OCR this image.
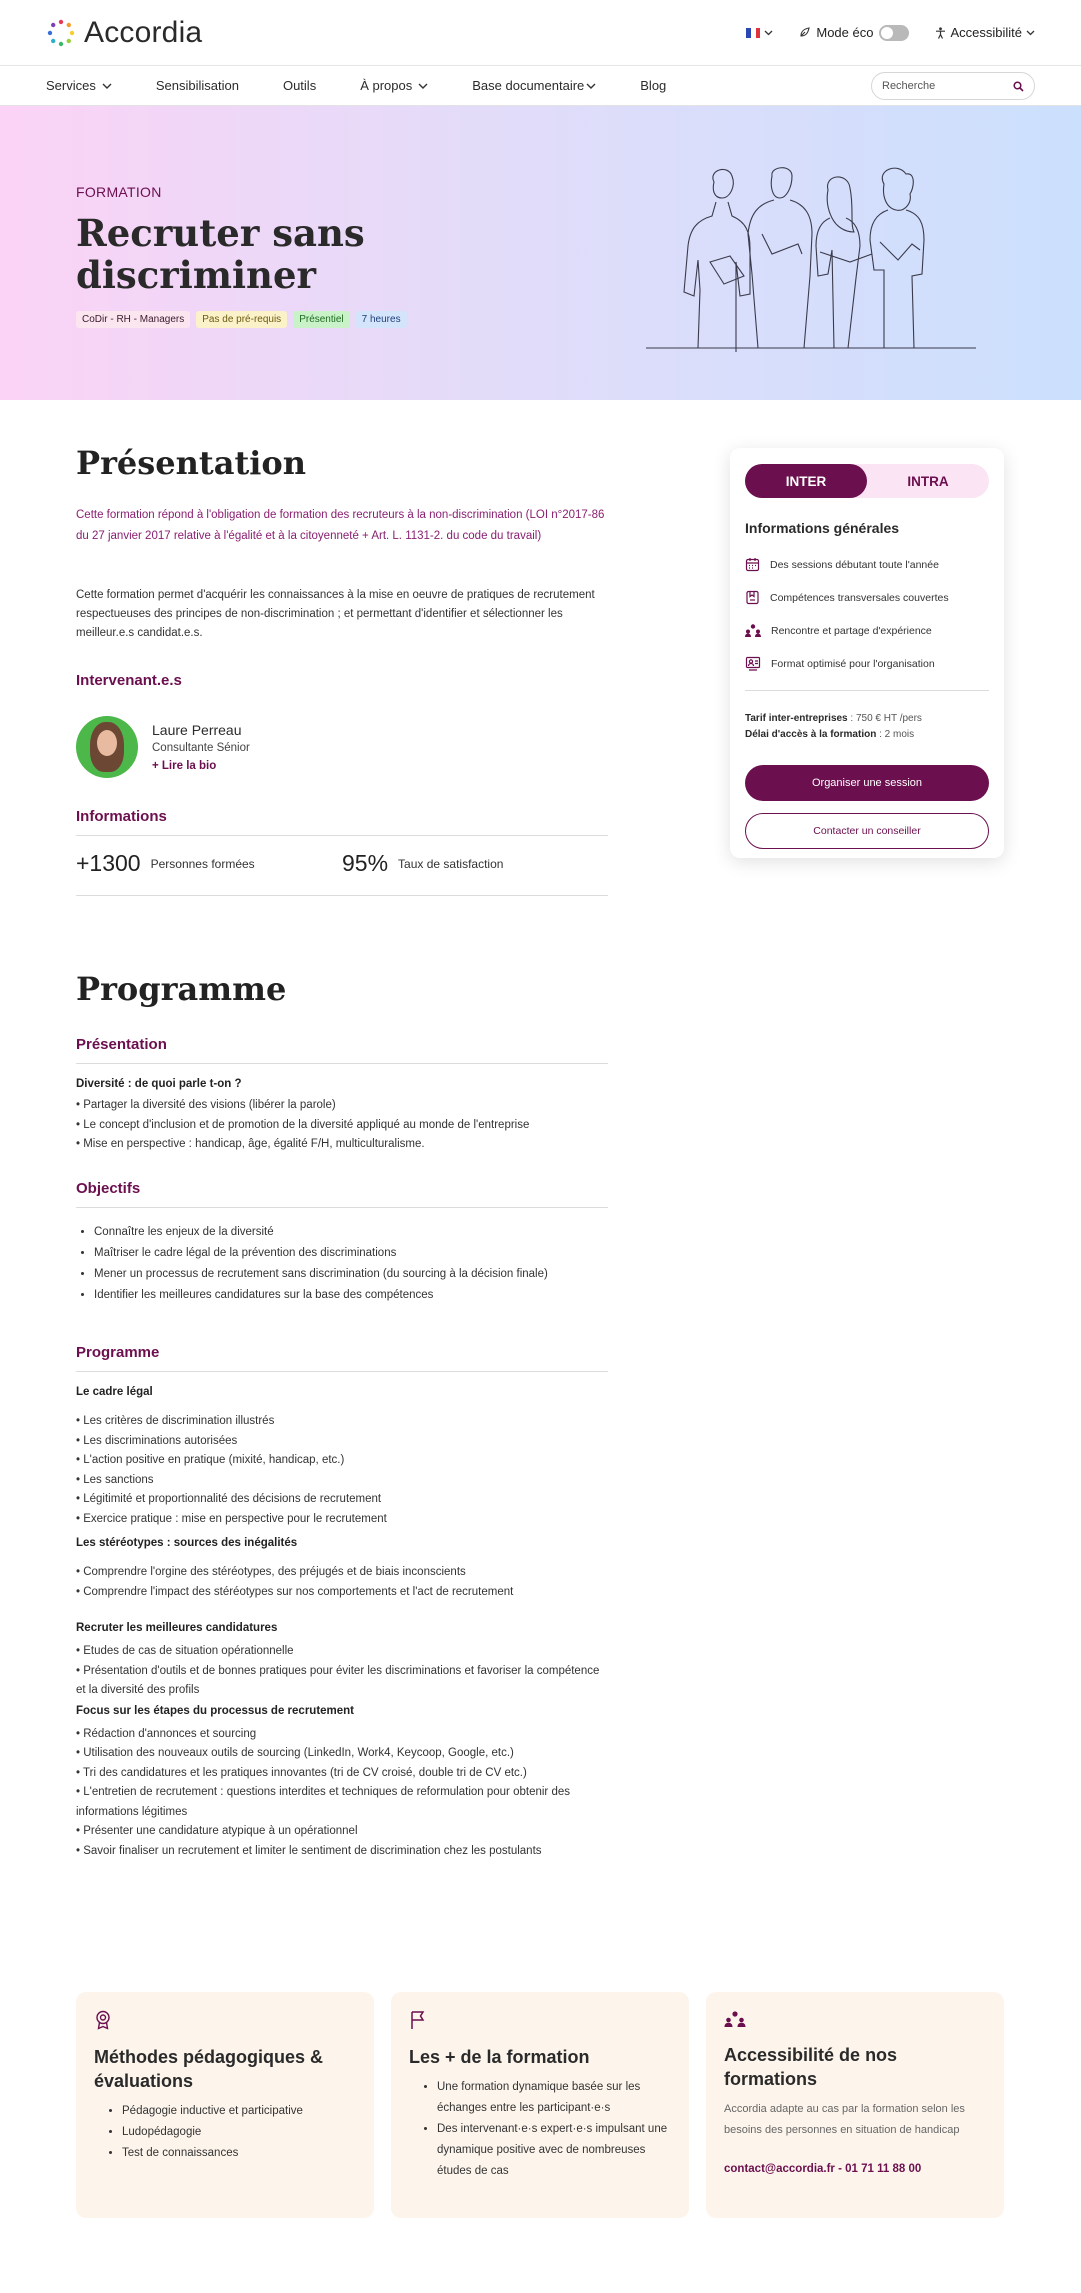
Accordia	Mode éco	Accessibilité
Services	Sensibilisation	Outils	À propos	Base documentaire	Blog
Recherche
FORMATION
Recruter sans discriminer
CoDir - RH - Managers	Pas de pré-requis	Présentiel	7 heures
Présentation

Cette formation répond à l'obligation de formation des recruteurs à la non-discrimination (LOI n°2017-86 du 27 janvier 2017 relative à l'égalité et à la citoyenneté + Art. L. 1131-2. du code du travail)

Cette formation permet d'acquérir les connaissances à la mise en oeuvre de pratiques de recrutement respectueuses des principes de non-discrimination ; et permettant d'identifier et sélectionner les meilleur.e.s candidat.e.s.

Intervenant.e.s
Laure Perreau
Consultante Sénior
+ Lire la bio
Informations
+1300 Personnes formées	95% Taux de satisfaction
INTER	INTRA
Informations générales
Des sessions débutant toute l'année
Compétences transversales couvertes
Rencontre et partage d'expérience
Format optimisé pour l'organisation
Tarif inter-entreprises : 750 € HT /pers
Délai d'accès à la formation : 2 mois
Organiser une session
Contacter un conseiller
Programme
Présentation
Diversité : de quoi parle t-on ?
• Partager la diversité des visions (libérer la parole)
• Le concept d'inclusion et de promotion de la diversité appliqué au monde de l'entreprise
• Mise en perspective : handicap, âge, égalité F/H, multiculturalisme.
Objectifs
• Connaître les enjeux de la diversité
• Maîtriser le cadre légal de la prévention des discriminations
• Mener un processus de recrutement sans discrimination (du sourcing à la décision finale)
• Identifier les meilleures candidatures sur la base des compétences
Programme
Le cadre légal
• Les critères de discrimination illustrés
• Les discriminations autorisées
• L'action positive en pratique (mixité, handicap, etc.)
• Les sanctions
• Légitimité et proportionnalité des décisions de recrutement
• Exercice pratique : mise en perspective pour le recrutement
Les stéréotypes : sources des inégalités
• Comprendre l'orgine des stéréotypes, des préjugés et de biais inconscients
• Comprendre l'impact des stéréotypes sur nos comportements et l'act de recrutement
Recruter les meilleures candidatures
• Etudes de cas de situation opérationnelle
• Présentation d'outils et de bonnes pratiques pour éviter les discriminations et favoriser la compétence et la diversité des profils
Focus sur les étapes du processus de recrutement
• Rédaction d'annonces et sourcing
• Utilisation des nouveaux outils de sourcing (LinkedIn, Work4, Keycoop, Google, etc.)
• Tri des candidatures et les pratiques innovantes (tri de CV croisé, double tri de CV etc.)
• L'entretien de recrutement : questions interdites et techniques de reformulation pour obtenir des informations légitimes
• Présenter une candidature atypique à un opérationnel
• Savoir finaliser un recrutement et limiter le sentiment de discrimination chez les postulants
Méthodes pédagogiques & évaluations
• Pédagogie inductive et participative
• Ludopédagogie
• Test de connaissances
Les + de la formation
• Une formation dynamique basée sur les échanges entre les participant·e·s
• Des intervenant·e·s expert·e·s impulsant une dynamique positive avec de nombreuses études de cas
Accessibilité de nos formations

Accordia adapte au cas par la formation selon les besoins des personnes en situation de handicap

contact@accordia.fr - 01 71 11 88 00
